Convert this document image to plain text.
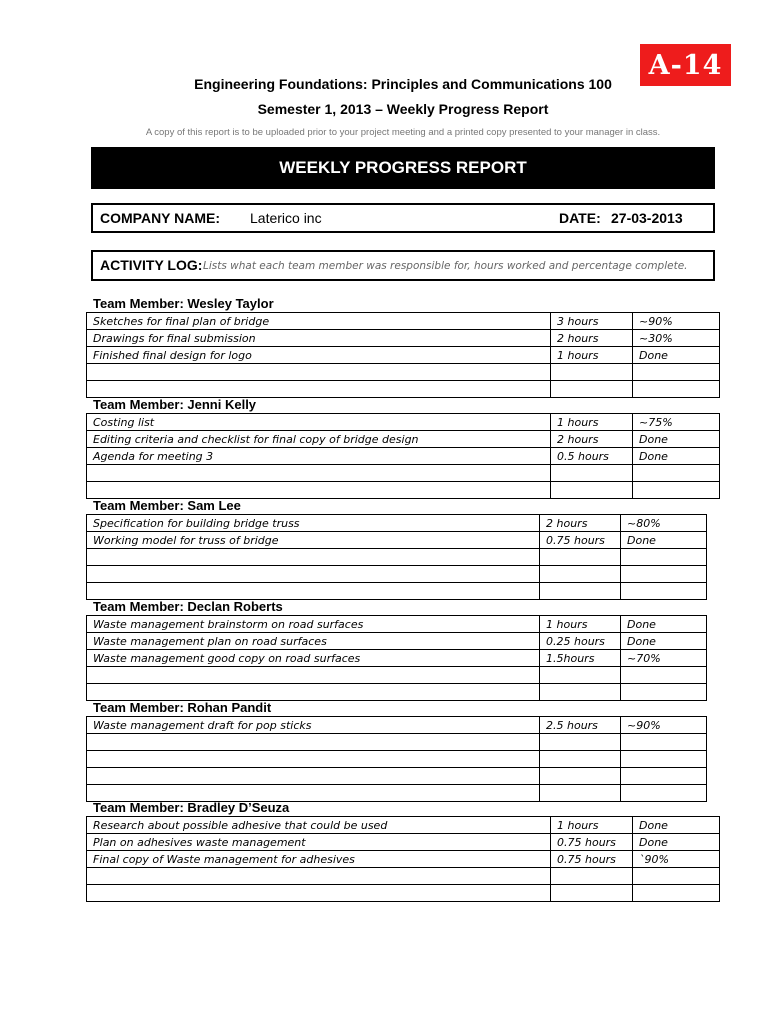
A-14
Engineering Foundations: Principles and Communications 100
Semester 1, 2013 – Weekly Progress Report
A copy of this report is to be uploaded prior to your project meeting and a printed copy presented to your manager in class.
WEEKLY PROGRESS REPORT
COMPANY NAME: Laterico inc	DATE: 27-03-2013
ACTIVITY LOG: Lists what each team member was responsible for, hours worked and percentage complete.
Team Member: Wesley Taylor
Sketches for final plan of bridge	3 hours	~90%
Drawings for final submission	2 hours	~30%
Finished final design for logo	1 hours	Done

Team Member: Jenni Kelly
Costing list	1 hours	~75%
Editing criteria and checklist for final copy of bridge design	2 hours	Done
Agenda for meeting 3	0.5 hours	Done

Team Member: Sam Lee
Specification for building bridge truss	2 hours	~80%
Working model for truss of bridge	0.75 hours	Done

Team Member: Declan Roberts
Waste management brainstorm on road surfaces	1 hours	Done
Waste management plan on road surfaces	0.25 hours	Done
Waste management good copy on road surfaces	1.5hours	~70%

Team Member: Rohan Pandit
Waste management draft for pop sticks	2.5 hours	~90%

Team Member: Bradley D’Seuza
Research about possible adhesive that could be used	1 hours	Done
Plan on adhesives waste management	0.75 hours	Done
Final copy of Waste management for adhesives	0.75 hours	`90%
